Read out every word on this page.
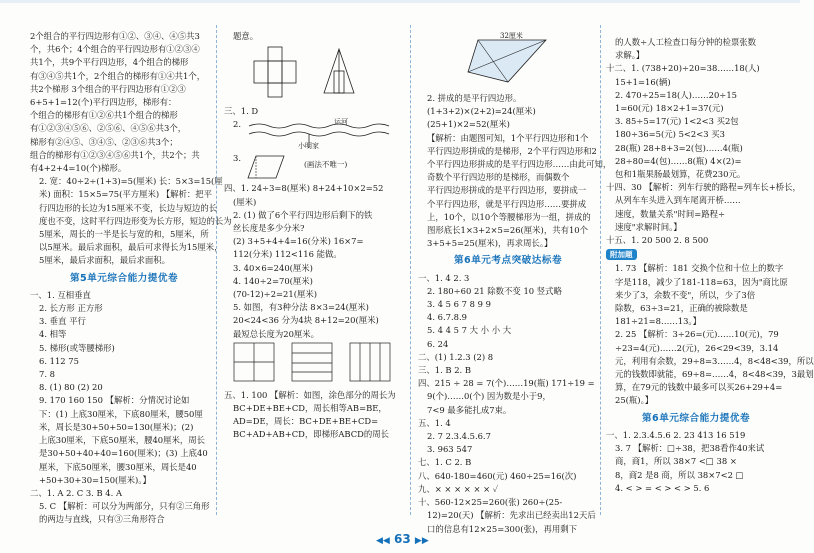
2个组合的平行四边形有①②、③④、④⑤共3
个，共6个；4个组合的平行四边形有①②③④
共1个，共9个平行四边形，4个组合的梯形
有③④⑤共1个，2个组合的梯形有①④共1个，
共2个梯形 3个组合的平行四边形有①②③
6+5+1=12(个)平行四边形，梯形有：
个组合的梯形有①②⑥共1个组合的梯形
有①②③④⑤⑥、②⑤⑥、④⑤⑥共3个，
梯形有②④⑤、③④⑤、②③⑥共3个；
组合的梯形有①②③④⑤⑥共1个，共2个；共
有4+2+4=10(个)梯形。
2. 宽：40÷2÷(1+3)=5(厘米) 长：5×3=15(厘
米) 面积：15×5=75(平方厘米) 【解析：把平
行四边形的长边为15厘米不变，长边与短边的长
度也不变，这时平行四边形变为长方形，短边的长为
5厘米，周长的一半是长与宽的和，5厘米，所
以5厘米。最后求面积，最后可求得长为15厘米，
5厘米，最后求面积，最后求面积。
第5单元综合能力提优卷
一、1. 互相垂直
2. 长方形 正方形
3. 垂直 平行
4. 相等
5. 梯形(或等腰梯形)
6. 112 75
7. 8
8. (1) 80 (2) 20
9. 170 160 150 【解析：分情况讨论如
下：(1) 上底30厘米，下底80厘米，腰50厘
米，周长是30+50+50=130(厘米)；(2)
上底30厘米，下底50厘米，腰40厘米，周长
是30+50+40+40=160(厘米)；(3) 上底40
厘米，下底50厘米，腰30厘米，周长是40
+50+30+30=150(厘米)。】
二、1. A 2. C 3. B 4. A
5. C 【解析：可以分为两部分，只有②三角形
的两边与直线，只有③三角形符合
题意。
三、1. D
2.	运河
小明家
3.
(画法不唯一)
四、1. 24÷3=8(厘米) 8+24+10×2=52
(厘米)
2. (1) 做了6个平行四边形后剩下的铁
丝长度是多少分米?
(2) 3+5+4+4=16(分米) 16×7=
112(分米) 112<116 能做。
3. 40×6=240(厘米)
4. 140÷2=70(厘米)
(70-12)÷2=21(厘米)
5. 如图，有3种分法 8×3=24(厘米)
20<24<36 分为4块 8+12=20(厘米)
最短总长度为20厘米。
五、1. 100 【解析：如图，涂色部分的周长为
BC+DE+BE+CD，周长相等AB=BE，
AD=DE，周长：BC+DE+BE+CD=
BC+AD+AB+CD，即梯形ABCD的周长
32厘米
2. 拼成的是平行四边形。
(1+3+2)×(2+2)=24(厘米)
(25+1)×2=52(厘米)
【解析：由题图可知，1个平行四边形和1个
平行四边形拼成的是梯形，2个平行四边形和2
个平行四边形拼成的是平行四边形……由此可知，
奇数个平行四边形的是梯形，而偶数个
平行四边形拼成的是平行四边形，要拼成一
个平行四边形，就是平行四边形……要拼成
上，10个，以10个等腰梯形为一组，拼成的
图形底长1×3+2×5=26(厘米)，共有10个
3+5+5=25(厘米)，再求周长。】
第6单元考点突破达标卷
一、1. 4 2. 3
2. 180÷60 21 除数不变 10 竖式略
3. 4 5 6 7 8 9 9
4. 6.7.8.9
5. 4 4 5 7 大 小 小 大
6. 24
二、(1) 1.2.3 (2) 8
三、1. B 2. B
四、215 ÷ 28 = 7(个)……19(瓶) 171÷19 =
9(个)……0(个) 因为数是小于9，
7<9 最多能扎成7束。
五、1. 4
2. 7 2.3.4.5.6.7
3. 963 547
七、1. C 2. B
八、640-180=460(元) 460÷25=16(次)
九、× × × × × × ✓
十、560-12×25=260(张) 260÷(25-
12)=20(天) 【解析：先求出已经卖出12天后
口的信息有12×25=300(张)，再用剩下
的人数÷人工检查口每分钟的检票张数
求解。】
十二、1. (738+20)÷20=38……18(人)
15+1=16(辆)
2. 470÷25=18(人)……20÷15
1=60(元) 18×2+1=37(元)
3. 85÷5=17(元) 1<2<3 买2包
180÷36=5(元) 5<2<3 买3
28(瓶) 28+8+3=2(包)……4(瓶)
28÷80=4(包)……8(瓶) 4×(2)=
包和1瓶果肠最划算，花费230元。
十四、30 【解析：列车行驶的路程=列车长+桥长，
从列车车头进入到车尾离开桥……
速度，数量关系"时间=路程÷
速度"求解时间。】
十五、1. 20 500 2. 8 500
附加题
1. 73 【解析：181 交换个位和十位上的数字
字是118，减少了181-118=63，因为"商比原
来少了3，余数不变"，所以，少了3倍
除数，63÷3=21，正确的被除数是
181÷21=8……13。】
2. 25 【解析：3÷26=(元)……10(元)，79
÷23=4(元)……2(元)，26<29<39，3.14
元，利用有余数，29÷8=3……4，8<48<39，所以
元的钱数即就能，69÷8=……4，8<48<39，3最划
算，在79元的钱数中最多可以买26+29+4=
25(瓶)。】
第6单元综合能力提优卷
一、1. 2.3.4.5.6 2. 23 413 16 519
3. 7 【解析：□÷38，把38看作40来试
商，商1，所以 38×7 <□ 38 ×
8，商2 是8 商，所以 38×7<2 □
4. < > = < > < > 5. 6
◀◀ 63 ▶▶
